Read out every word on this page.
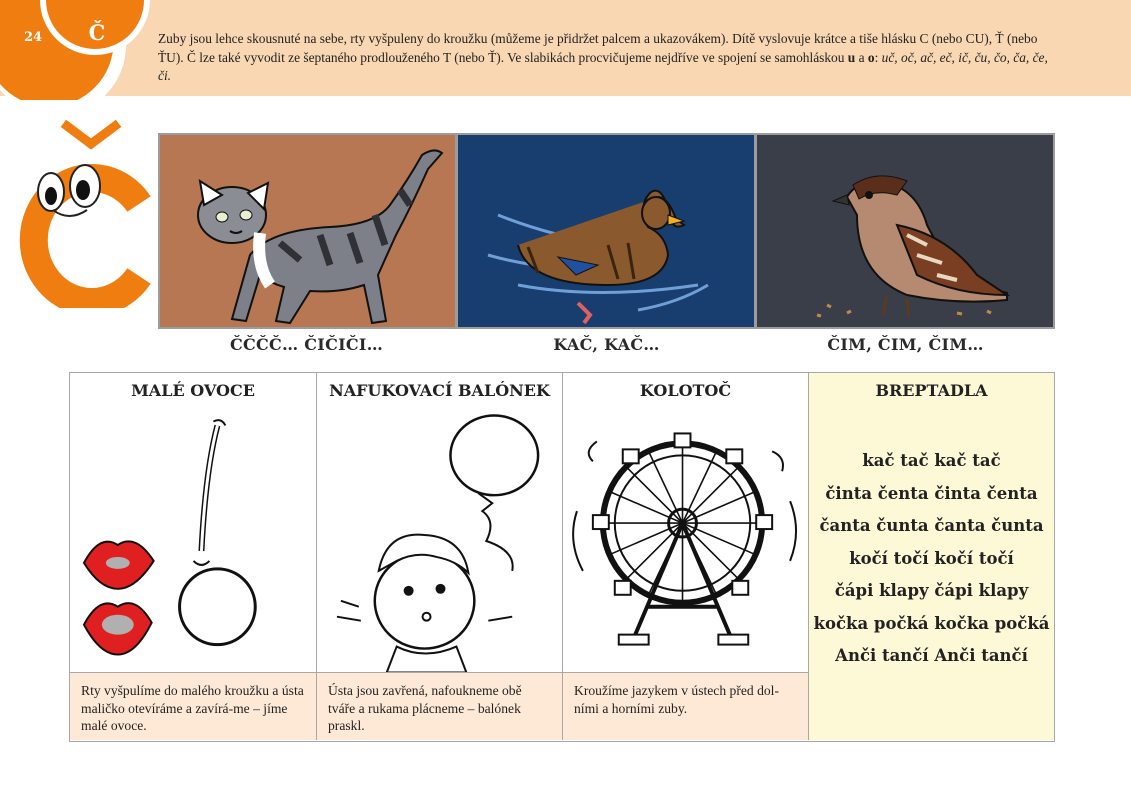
24 Č	Zuby jsou lehce skousnuté na sebe, rty vyšpuleny do kroužku (můžeme je přidržet palcem a ukazovákem). Dítě vyslovuje krátce a tiše hlásku C (nebo CU), Ť (nebo ŤU). Č lze také vyvodit ze šeptaného prodlouženého T (nebo Ť). Ve slabikách procvičujeme nejdříve ve spojení se samohláskou u a o: uč, oč, ač, eč, ič, ču, čo, ča, če, či.
ČČČČ… ČIČIČI…	KAČ, KAČ…	ČIM, ČIM, ČIM…
MALÉ OVOCE
Rty vyšpulíme do malého kroužku a ústa maličko otevíráme a zavírá-me – jíme malé ovoce.
NAFUKOVACÍ BALÓNEK
Ústa jsou zavřená, nafoukneme obě tváře a rukama plácneme – balónek praskl.
KOLOTOČ
Kroužíme jazykem v ústech před dol-ními a horními zuby.
BREPTADLA
kač tač kač tač
činta čenta činta čenta
čanta čunta čanta čunta
kočí točí kočí točí
čápi klapy čápi klapy
kočka počká kočka počká
Anči tančí Anči tančí
